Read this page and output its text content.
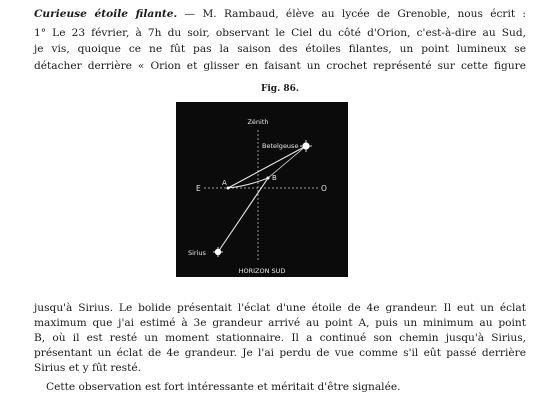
Curieuse étoile filante. — M. Rambaud, élève au lycée de Grenoble, nous écrit :
1° Le 23 février, à 7h du soir, observant le Ciel du côté d'Orion, c'est-à-dire au Sud,
je vis, quoique ce ne fût pas la saison des étoiles filantes, un point lumineux se
détacher derrière « Orion et glisser en faisant un crochet représenté sur cette figure
Fig. 86.
Zénith
Betelgeuse
E	O
A
B
Sirius
HORIZON SUD
jusqu'à Sirius. Le bolide présentait l'éclat d'une étoile de 4e grandeur. Il eut un éclat
maximum que j'ai estimé à 3e grandeur arrivé au point A, puis un minimum au point
B, où il est resté un moment stationnaire. Il a continué son chemin jusqu'à Sirius,
présentant un éclat de 4e grandeur. Je l'ai perdu de vue comme s'il eût passé derrière
Sirius et y fût resté.
Cette observation est fort intéressante et méritait d'être signalée.
